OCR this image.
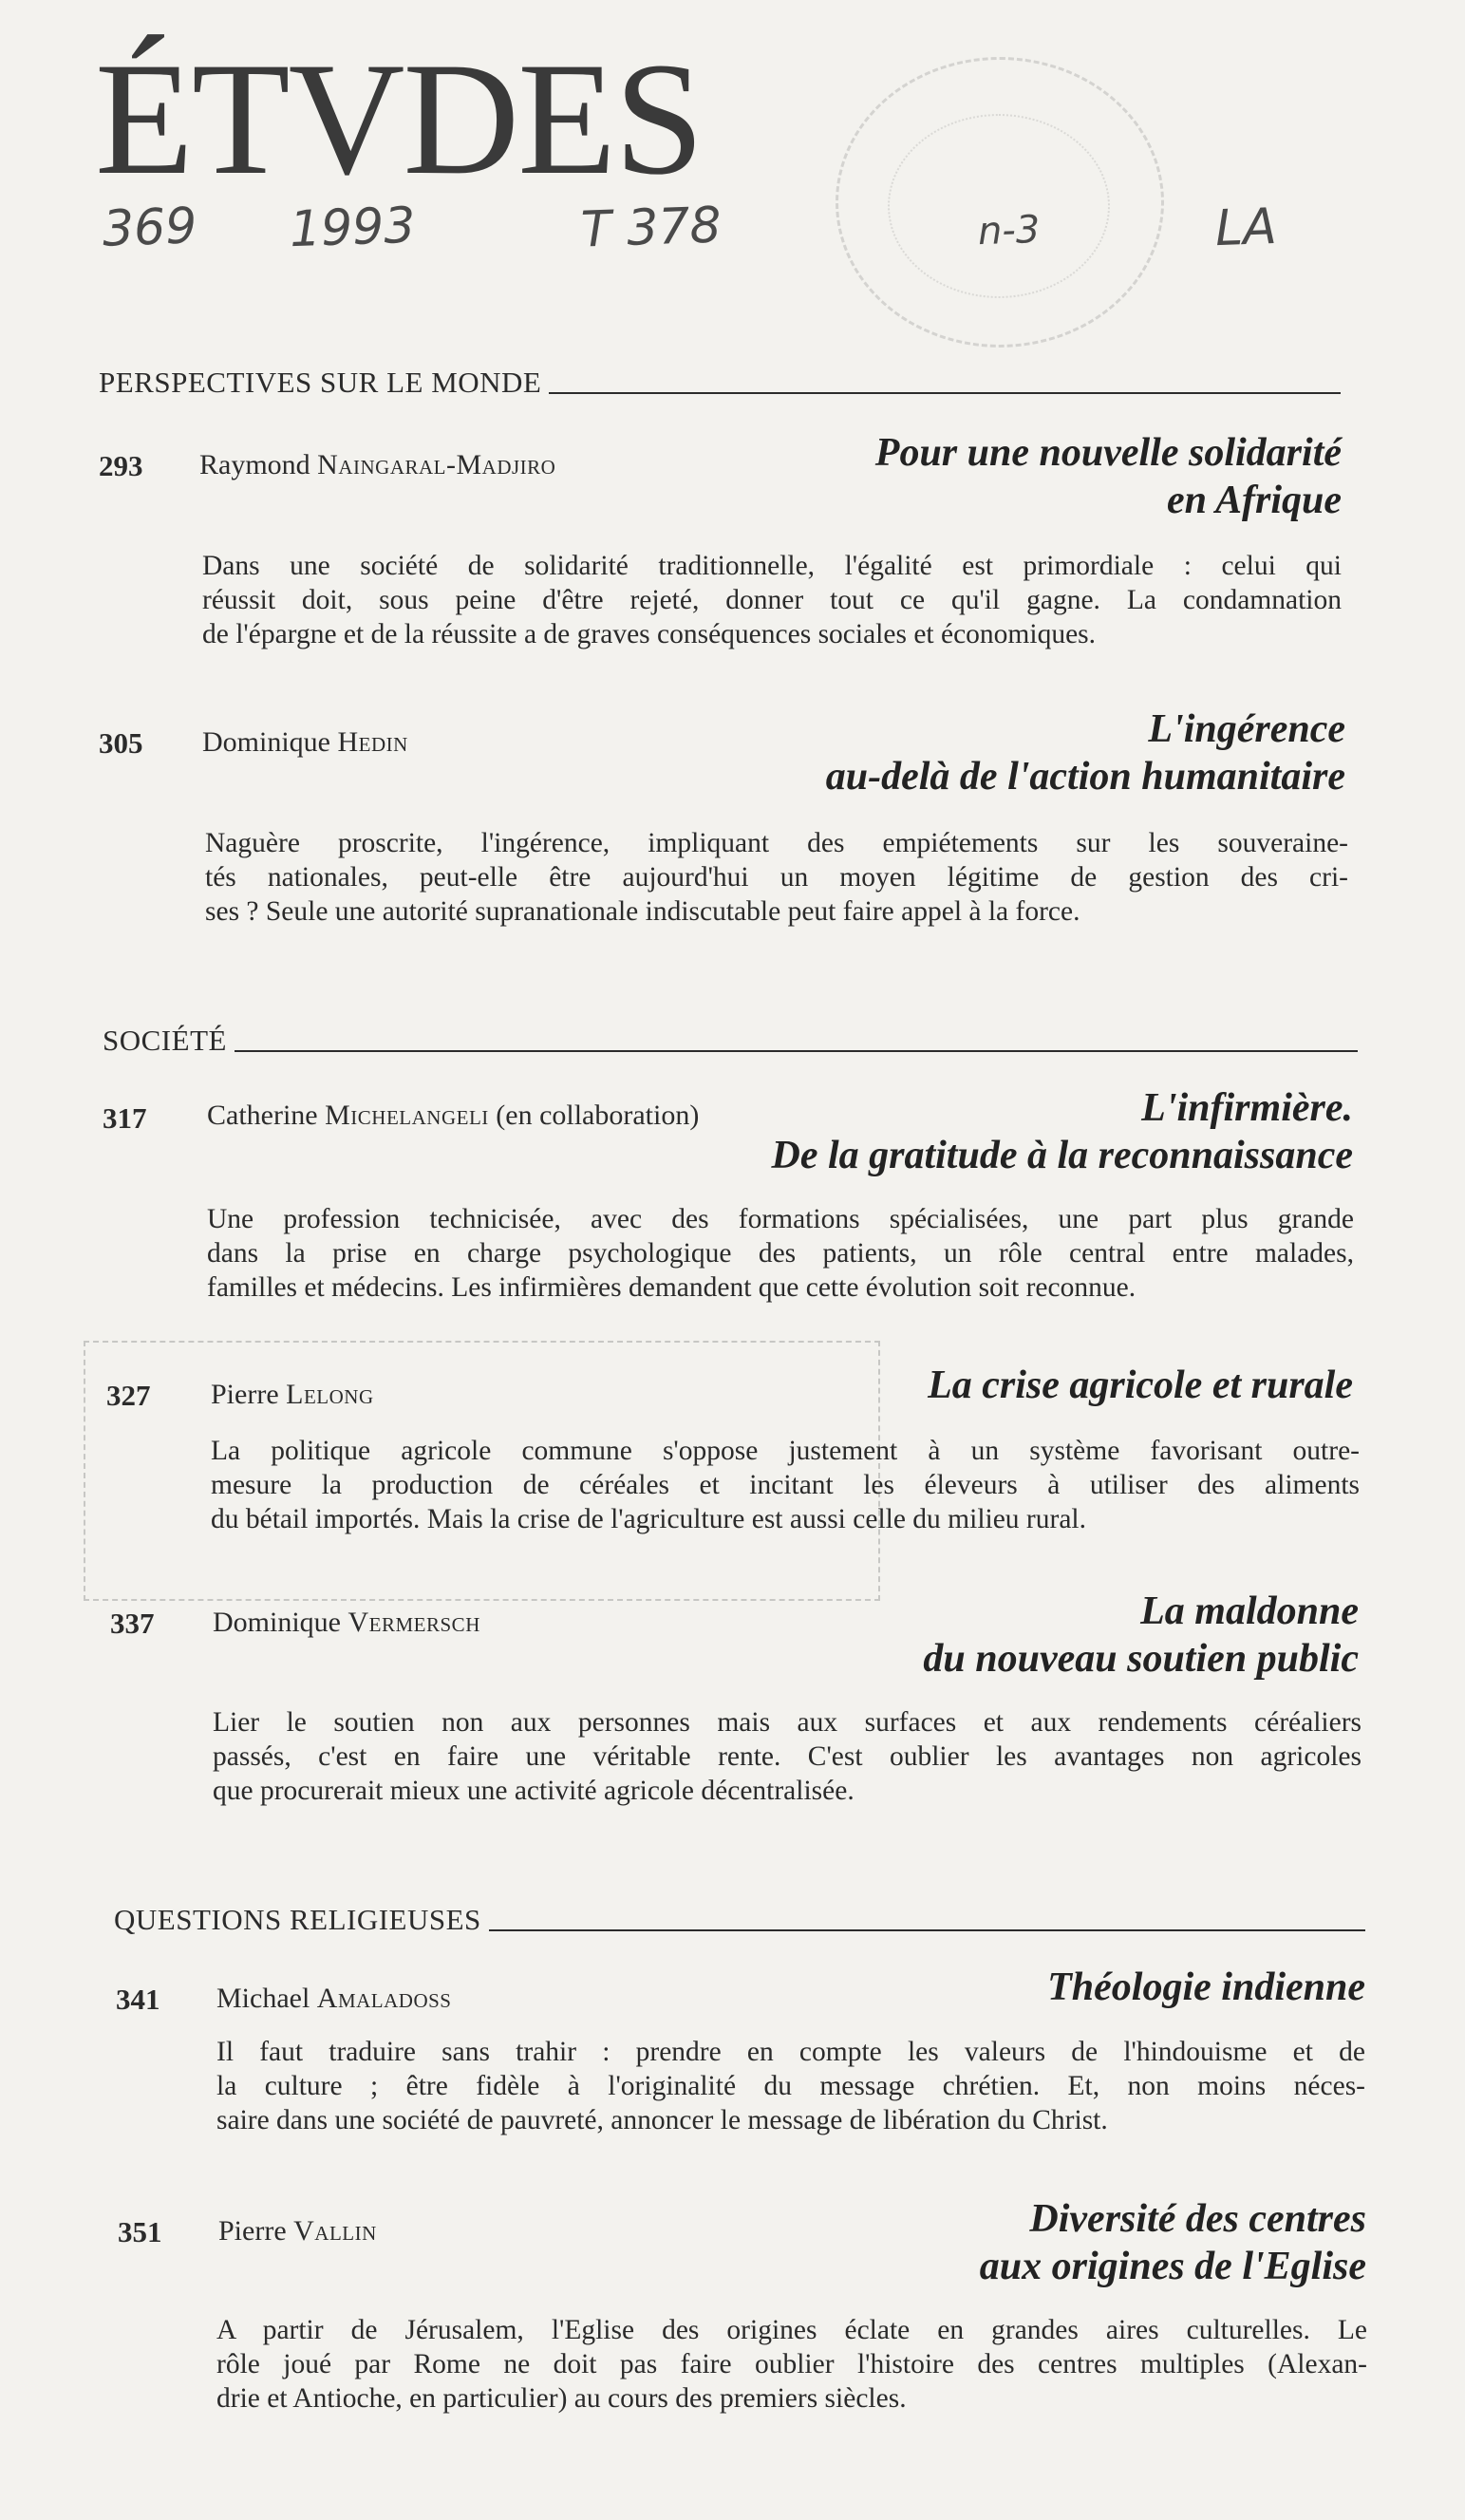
ÉTVDES
369 1993	T 378	n-3	LA
PERSPECTIVES SUR LE MONDE
293 Raymond Naingaral-Madjiro	Pour une nouvelle solidarité
en Afrique
Dans une société de solidarité traditionnelle, l'égalité est primordiale : celui qui
réussit doit, sous peine d'être rejeté, donner tout ce qu'il gagne. La condamnation
de l'épargne et de la réussite a de graves conséquences sociales et économiques.
305 Dominique Hedin	L'ingérence
au-delà de l'action humanitaire
Naguère proscrite, l'ingérence, impliquant des empiétements sur les souveraine-
tés nationales, peut-elle être aujourd'hui un moyen légitime de gestion des cri-
ses ? Seule une autorité supranationale indiscutable peut faire appel à la force.
SOCIÉTÉ
317 Catherine Michelangeli (en collaboration)	L'infirmière.
De la gratitude à la reconnaissance
Une profession technicisée, avec des formations spécialisées, une part plus grande
dans la prise en charge psychologique des patients, un rôle central entre malades,
familles et médecins. Les infirmières demandent que cette évolution soit reconnue.
327 Pierre Lelong	La crise agricole et rurale
La politique agricole commune s'oppose justement à un système favorisant outre-
mesure la production de céréales et incitant les éleveurs à utiliser des aliments
du bétail importés. Mais la crise de l'agriculture est aussi celle du milieu rural.
337 Dominique Vermersch	La maldonne
du nouveau soutien public
Lier le soutien non aux personnes mais aux surfaces et aux rendements céréaliers
passés, c'est en faire une véritable rente. C'est oublier les avantages non agricoles
que procurerait mieux une activité agricole décentralisée.
QUESTIONS RELIGIEUSES
341 Michael Amaladoss	Théologie indienne
Il faut traduire sans trahir : prendre en compte les valeurs de l'hindouisme et de
la culture ; être fidèle à l'originalité du message chrétien. Et, non moins néces-
saire dans une société de pauvreté, annoncer le message de libération du Christ.
351 Pierre Vallin	Diversité des centres
aux origines de l'Eglise
A partir de Jérusalem, l'Eglise des origines éclate en grandes aires culturelles. Le
rôle joué par Rome ne doit pas faire oublier l'histoire des centres multiples (Alexan-
drie et Antioche, en particulier) au cours des premiers siècles.
